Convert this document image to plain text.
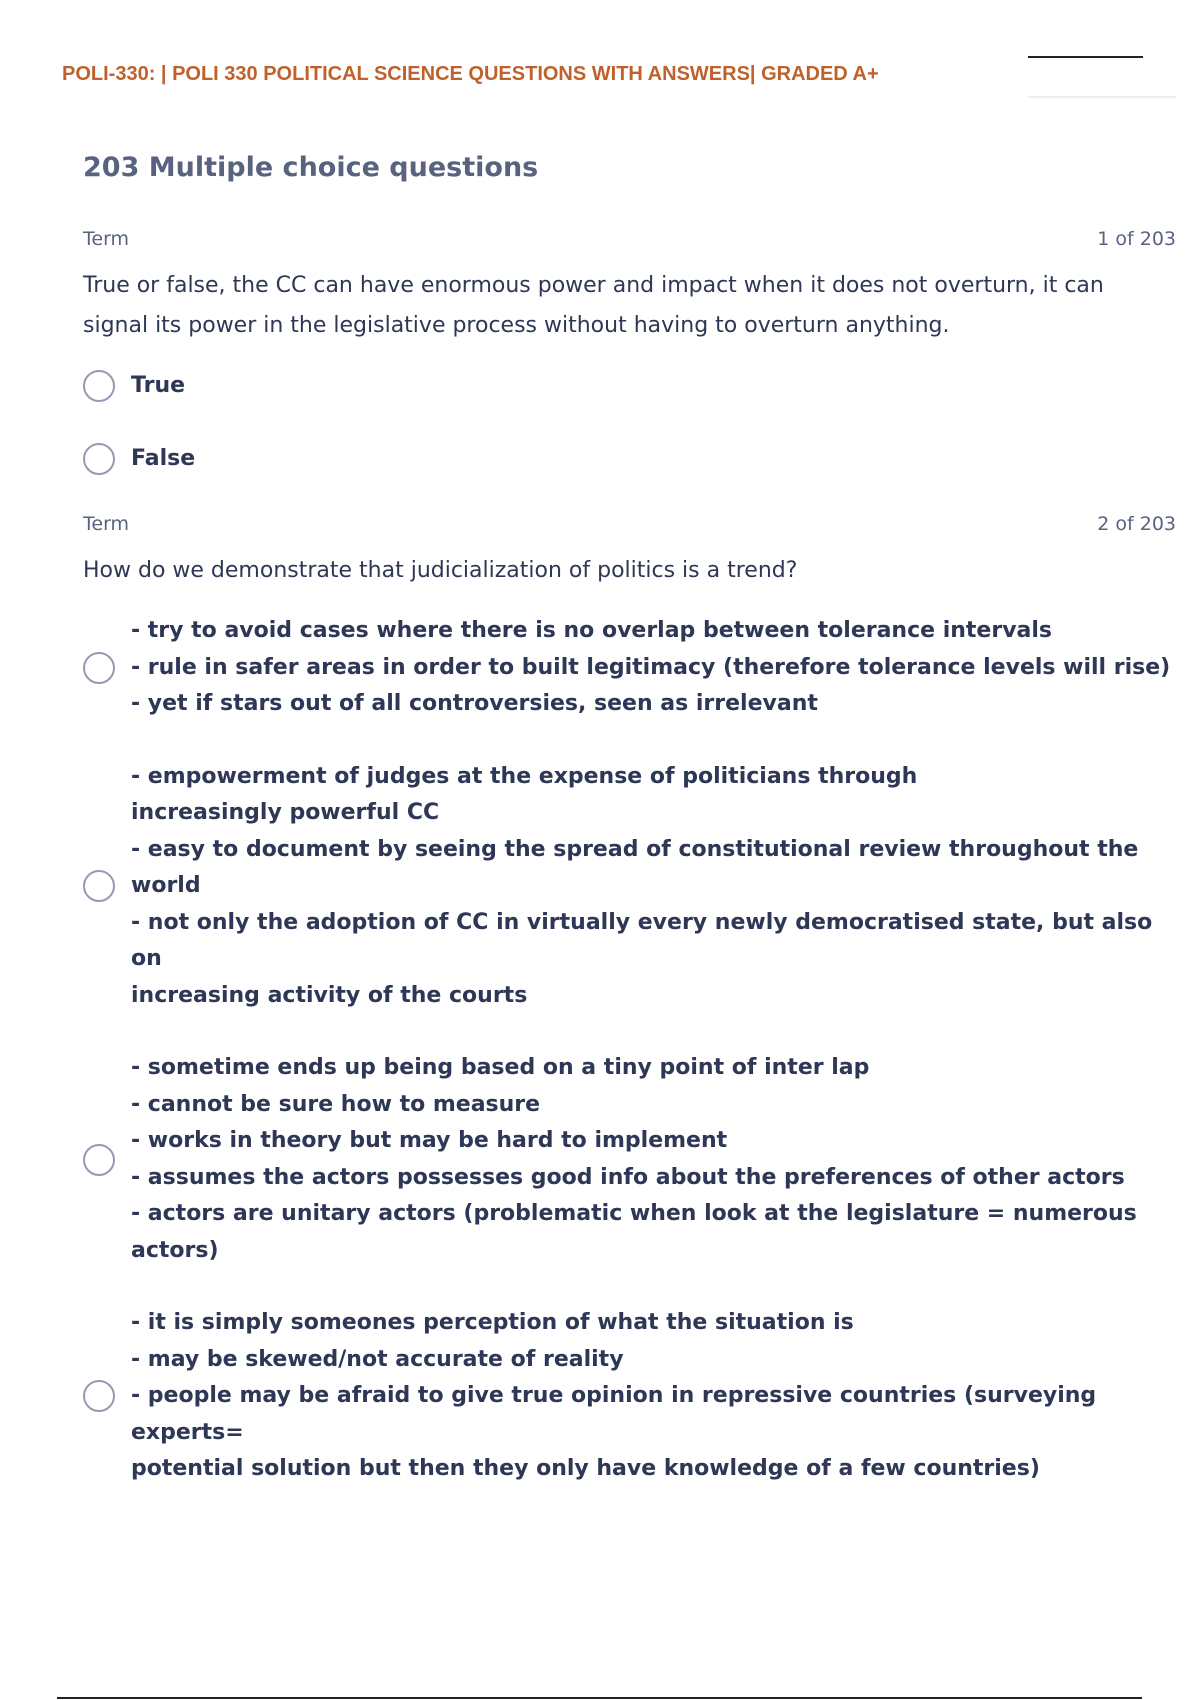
POLI-330: | POLI 330 POLITICAL SCIENCE QUESTIONS WITH ANSWERS| GRADED A+
203 Multiple choice questions
Term	1 of 203
True or false, the CC can have enormous power and impact when it does not overturn, it can signal its power in the legislative process without having to overturn anything.
True
False
Term	2 of 203
How do we demonstrate that judicialization of politics is a trend?
- try to avoid cases where there is no overlap between tolerance intervals
- rule in safer areas in order to built legitimacy (therefore tolerance levels will rise)
- yet if stars out of all controversies, seen as irrelevant
- empowerment of judges at the expense of politicians through
increasingly powerful CC
- easy to document by seeing the spread of constitutional review throughout the world
- not only the adoption of CC in virtually every newly democratised state, but also on
increasing activity of the courts
- sometime ends up being based on a tiny point of inter lap
- cannot be sure how to measure
- works in theory but may be hard to implement
- assumes the actors possesses good info about the preferences of other actors
- actors are unitary actors (problematic when look at the legislature = numerous actors)
- it is simply someones perception of what the situation is
- may be skewed/not accurate of reality
- people may be afraid to give true opinion in repressive countries (surveying experts=
potential solution but then they only have knowledge of a few countries)
